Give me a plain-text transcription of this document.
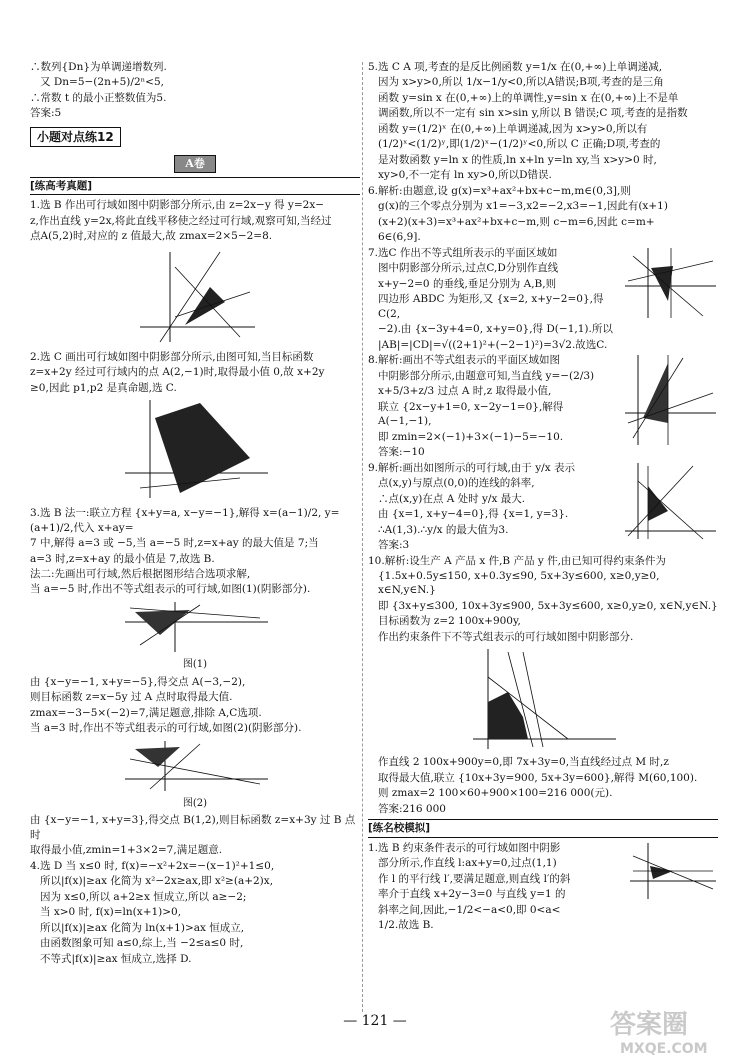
∴数列{Dn}为单调递增数列.

又 Dn=5−(2n+5)/2ⁿ<5,

∴常数 t 的最小正整数值为5.

答案:5

小题对点练12
A卷
[练高考真题]

1.选 B 作出可行域如图中阴影部分所示,由 z=2x−y 得 y=2x−

z,作出直线 y=2x,将此直线平移使之经过可行域,观察可知,当经过

点A(5,2)时,对应的 z 值最大,故 zmax=2×5−2=8.

2.选 C 画出可行域如图中阴影部分所示,由图可知,当目标函数

z=x+2y 经过可行域内的点 A(2,−1)时,取得最小值 0,故 x+2y

≥0,因此 p1,p2 是真命题,选 C.

3.选 B 法一:联立方程 {x+y=a, x−y=−1},解得 x=(a−1)/2, y=(a+1)/2,代入 x+ay=

7 中,解得 a=3 或 −5,当 a=−5 时,z=x+ay 的最大值是 7;当

a=3 时,z=x+ay 的最小值是 7,故选 B.

法二:先画出可行域,然后根据图形结合选项求解,

当 a=−5 时,作出不等式组表示的可行域,如图(1)(阴影部分).

图(1)

由 {x−y=−1, x+y=−5},得交点 A(−3,−2),

则目标函数 z=x−5y 过 A 点时取得最大值.

zmax=−3−5×(−2)=7,满足题意,排除 A,C选项.

当 a=3 时,作出不等式组表示的可行域,如图(2)(阴影部分).

图(2)

由 {x−y=−1, x+y=3},得交点 B(1,2),则目标函数 z=x+3y 过 B 点时

取得最小值,zmin=1+3×2=7,满足题意.

4.选 D 当 x≤0 时, f(x)=−x²+2x=−(x−1)²+1≤0,

所以|f(x)|≥ax 化简为 x²−2x≥ax,即 x²≥(a+2)x,

因为 x≤0,所以 a+2≥x 恒成立,所以 a≥−2;

当 x>0 时, f(x)=ln(x+1)>0,

所以|f(x)|≥ax 化简为 ln(x+1)>ax 恒成立,

由函数图象可知 a≤0,综上,当 −2≤a≤0 时,

不等式|f(x)|≥ax 恒成立,选择 D.

5.选 C A 项,考查的是反比例函数 y=1/x 在(0,+∞)上单调递减,

因为 x>y>0,所以 1/x−1/y<0,所以A错误;B项,考查的是三角

函数 y=sin x 在(0,+∞)上的单调性,y=sin x 在(0,+∞)上不是单

调函数,所以不一定有 sin x>sin y,所以 B 错误;C 项,考查的是指数

函数 y=(1/2)ˣ 在(0,+∞)上单调递减,因为 x>y>0,所以有

(1/2)ˣ<(1/2)ʸ,即(1/2)ˣ−(1/2)ʸ<0,所以 C 正确;D项,考查的

是对数函数 y=ln x 的性质,ln x+ln y=ln xy,当 x>y>0 时,

xy>0,不一定有 ln xy>0,所以D错误.

6.解析:由题意,设 g(x)=x³+ax²+bx+c−m,m∈(0,3],则

g(x)的三个零点分别为 x1=−3,x2=−2,x3=−1,因此有(x+1)

(x+2)(x+3)=x³+ax²+bx+c−m,则 c−m=6,因此 c=m+

6∈(6,9].

7.选C 作出不等式组所表示的平面区域如

图中阴影部分所示,过点C,D分别作直线

x+y−2=0 的垂线,垂足分别为 A,B,则

四边形 ABDC 为矩形,又 {x=2, x+y−2=0},得C(2,

−2).由 {x−3y+4=0, x+y=0},得 D(−1,1).所以

|AB|=|CD|=√((2+1)²+(−2−1)²)=3√2.故选C.

8.解析:画出不等式组表示的平面区域如图

中阴影部分所示,由题意可知,当直线 y=−(2/3)

x+5/3+z/3 过点 A 时,z 取得最小值,

联立 {2x−y+1=0, x−2y−1=0},解得 A(−1,−1),

即 zmin=2×(−1)+3×(−1)−5=−10.

答案:−10

9.解析:画出如图所示的可行域,由于 y/x 表示

点(x,y)与原点(0,0)的连线的斜率,

∴点(x,y)在点 A 处时 y/x 最大.

由 {x=1, x+y−4=0},得 {x=1, y=3}.

∴A(1,3).∴y/x 的最大值为3.

答案:3

10.解析:设生产 A 产品 x 件,B 产品 y 件,由已知可得约束条件为

{1.5x+0.5y≤150, x+0.3y≤90, 5x+3y≤600, x≥0,y≥0, x∈N,y∈N.}

即 {3x+y≤300, 10x+3y≤900, 5x+3y≤600, x≥0,y≥0, x∈N,y∈N.}

目标函数为 z=2 100x+900y,

作出约束条件下不等式组表示的可行域如图中阴影部分.

作直线 2 100x+900y=0,即 7x+3y=0,当直线经过点 M 时,z

取得最大值,联立 {10x+3y=900, 5x+3y=600},解得 M(60,100).

则 zmax=2 100×60+900×100=216 000(元).

答案:216 000

[练名校模拟]

1.选 B 约束条件表示的可行域如图中阴影

部分所示,作直线 l:ax+y=0,过点(1,1)

作 l 的平行线 l′,要满足题意,则直线 l′的斜

率介于直线 x+2y−3=0 与直线 y=1 的

斜率之间,因此,−1/2<−a<0,即 0<a<

1/2.故选 B.

— 121 —	答案圈
MXQE.COM
